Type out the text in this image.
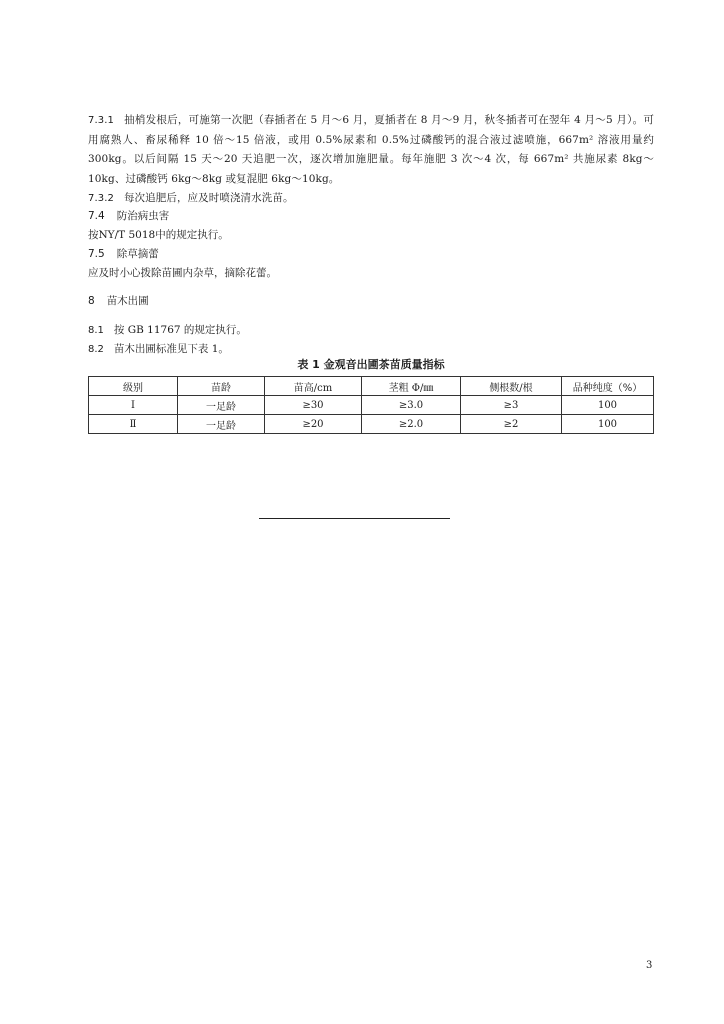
7.3.1 抽梢发根后，可施第一次肥（春插者在 5 月～6 月，夏插者在 8 月～9 月，秋冬插者可在翌年 4 月～5 月）。可用腐熟人、畜尿稀释 10 倍～15 倍液，或用 0.5%尿素和 0.5%过磷酸钙的混合液过滤喷施，667m² 溶液用量约 300kg。以后间隔 15 天～20 天追肥一次，逐次增加施肥量。每年施肥 3 次～4 次，每 667m² 共施尿素 8kg～10kg、过磷酸钙 6kg～8kg 或复混肥 6kg～10kg。

7.3.2 每次追肥后，应及时喷浇清水洗苗。

7.4 防治病虫害

按NY/T 5018中的规定执行。

7.5 除草摘蕾

应及时小心拨除苗圃内杂草，摘除花蕾。

8 苗木出圃

8.1 按 GB 11767 的规定执行。

8.2 苗木出圃标准见下表 1。

表 1 金观音出圃茶苗质量指标
级别	苗龄	苗高/cm	茎粗 Φ/㎜	侧根数/根	品种纯度（%）
Ⅰ	一足龄	≥30	≥3.0	≥3	100
Ⅱ	一足龄	≥20	≥2.0	≥2	100
3
